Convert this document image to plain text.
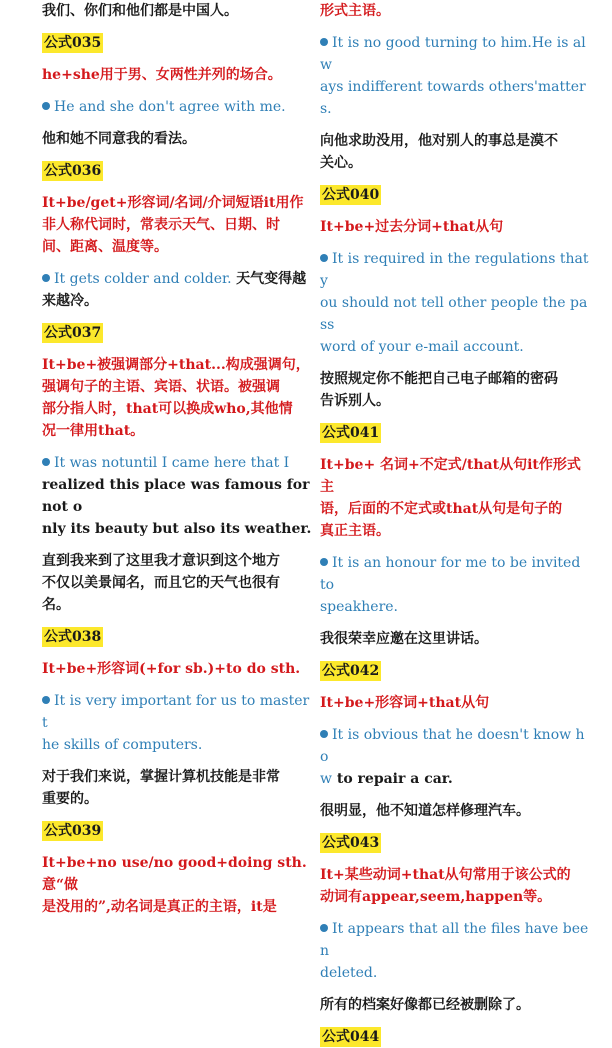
我们、你们和他们都是中国人。
公式035
he+she用于男、女两性并列的场合。
He and she don't agree with me.
他和她不同意我的看法。
公式036
It+be/get+形容词/名词/介词短语it用作
非人称代词时，常表示天气、日期、时
间、距离、温度等。
It gets colder and colder. 天气变得越
来越冷。
公式037
It+be+被强调部分+that...构成强调句，
强调句子的主语、宾语、状语。被强调
部分指人时，that可以换成who,其他情
况一律用that。
It was notuntil I came here that I
realized this place was famous for not o
nly its beauty but also its weather.
直到我来到了这里我才意识到这个地方
不仅以美景闻名，而且它的天气也很有
名。
公式038
It+be+形容词(+for sb.)+to do sth.
It is very important for us to master t
he skills of computers.
对于我们来说，掌握计算机技能是非常
重要的。
公式039
It+be+no use/no good+doing sth.意“做
是没用的”,动名词是真正的主语，it是
形式主语。
It is no good turning to him.He is alw
ays indifferent towards others'matters.
向他求助没用，他对别人的事总是漠不
关心。
公式040
It+be+过去分词+that从句
It is required in the regulations that y
ou should not tell other people the pass
word of your e-mail account.
按照规定你不能把自己电子邮箱的密码
告诉别人。
公式041
It+be+ 名词+不定式/that从句it作形式主
语，后面的不定式或that从句是句子的
真正主语。
It is an honour for me to be invited to
speakhere.
我很荣幸应邀在这里讲话。
公式042
It+be+形容词+that从句
It is obvious that he doesn't know ho
w to repair a car.
很明显，他不知道怎样修理汽车。
公式043
It+某些动词+that从句常用于该公式的
动词有appear,seem,happen等。
It appears that all the files have been
deleted.
所有的档案好像都已经被删除了。
公式044
